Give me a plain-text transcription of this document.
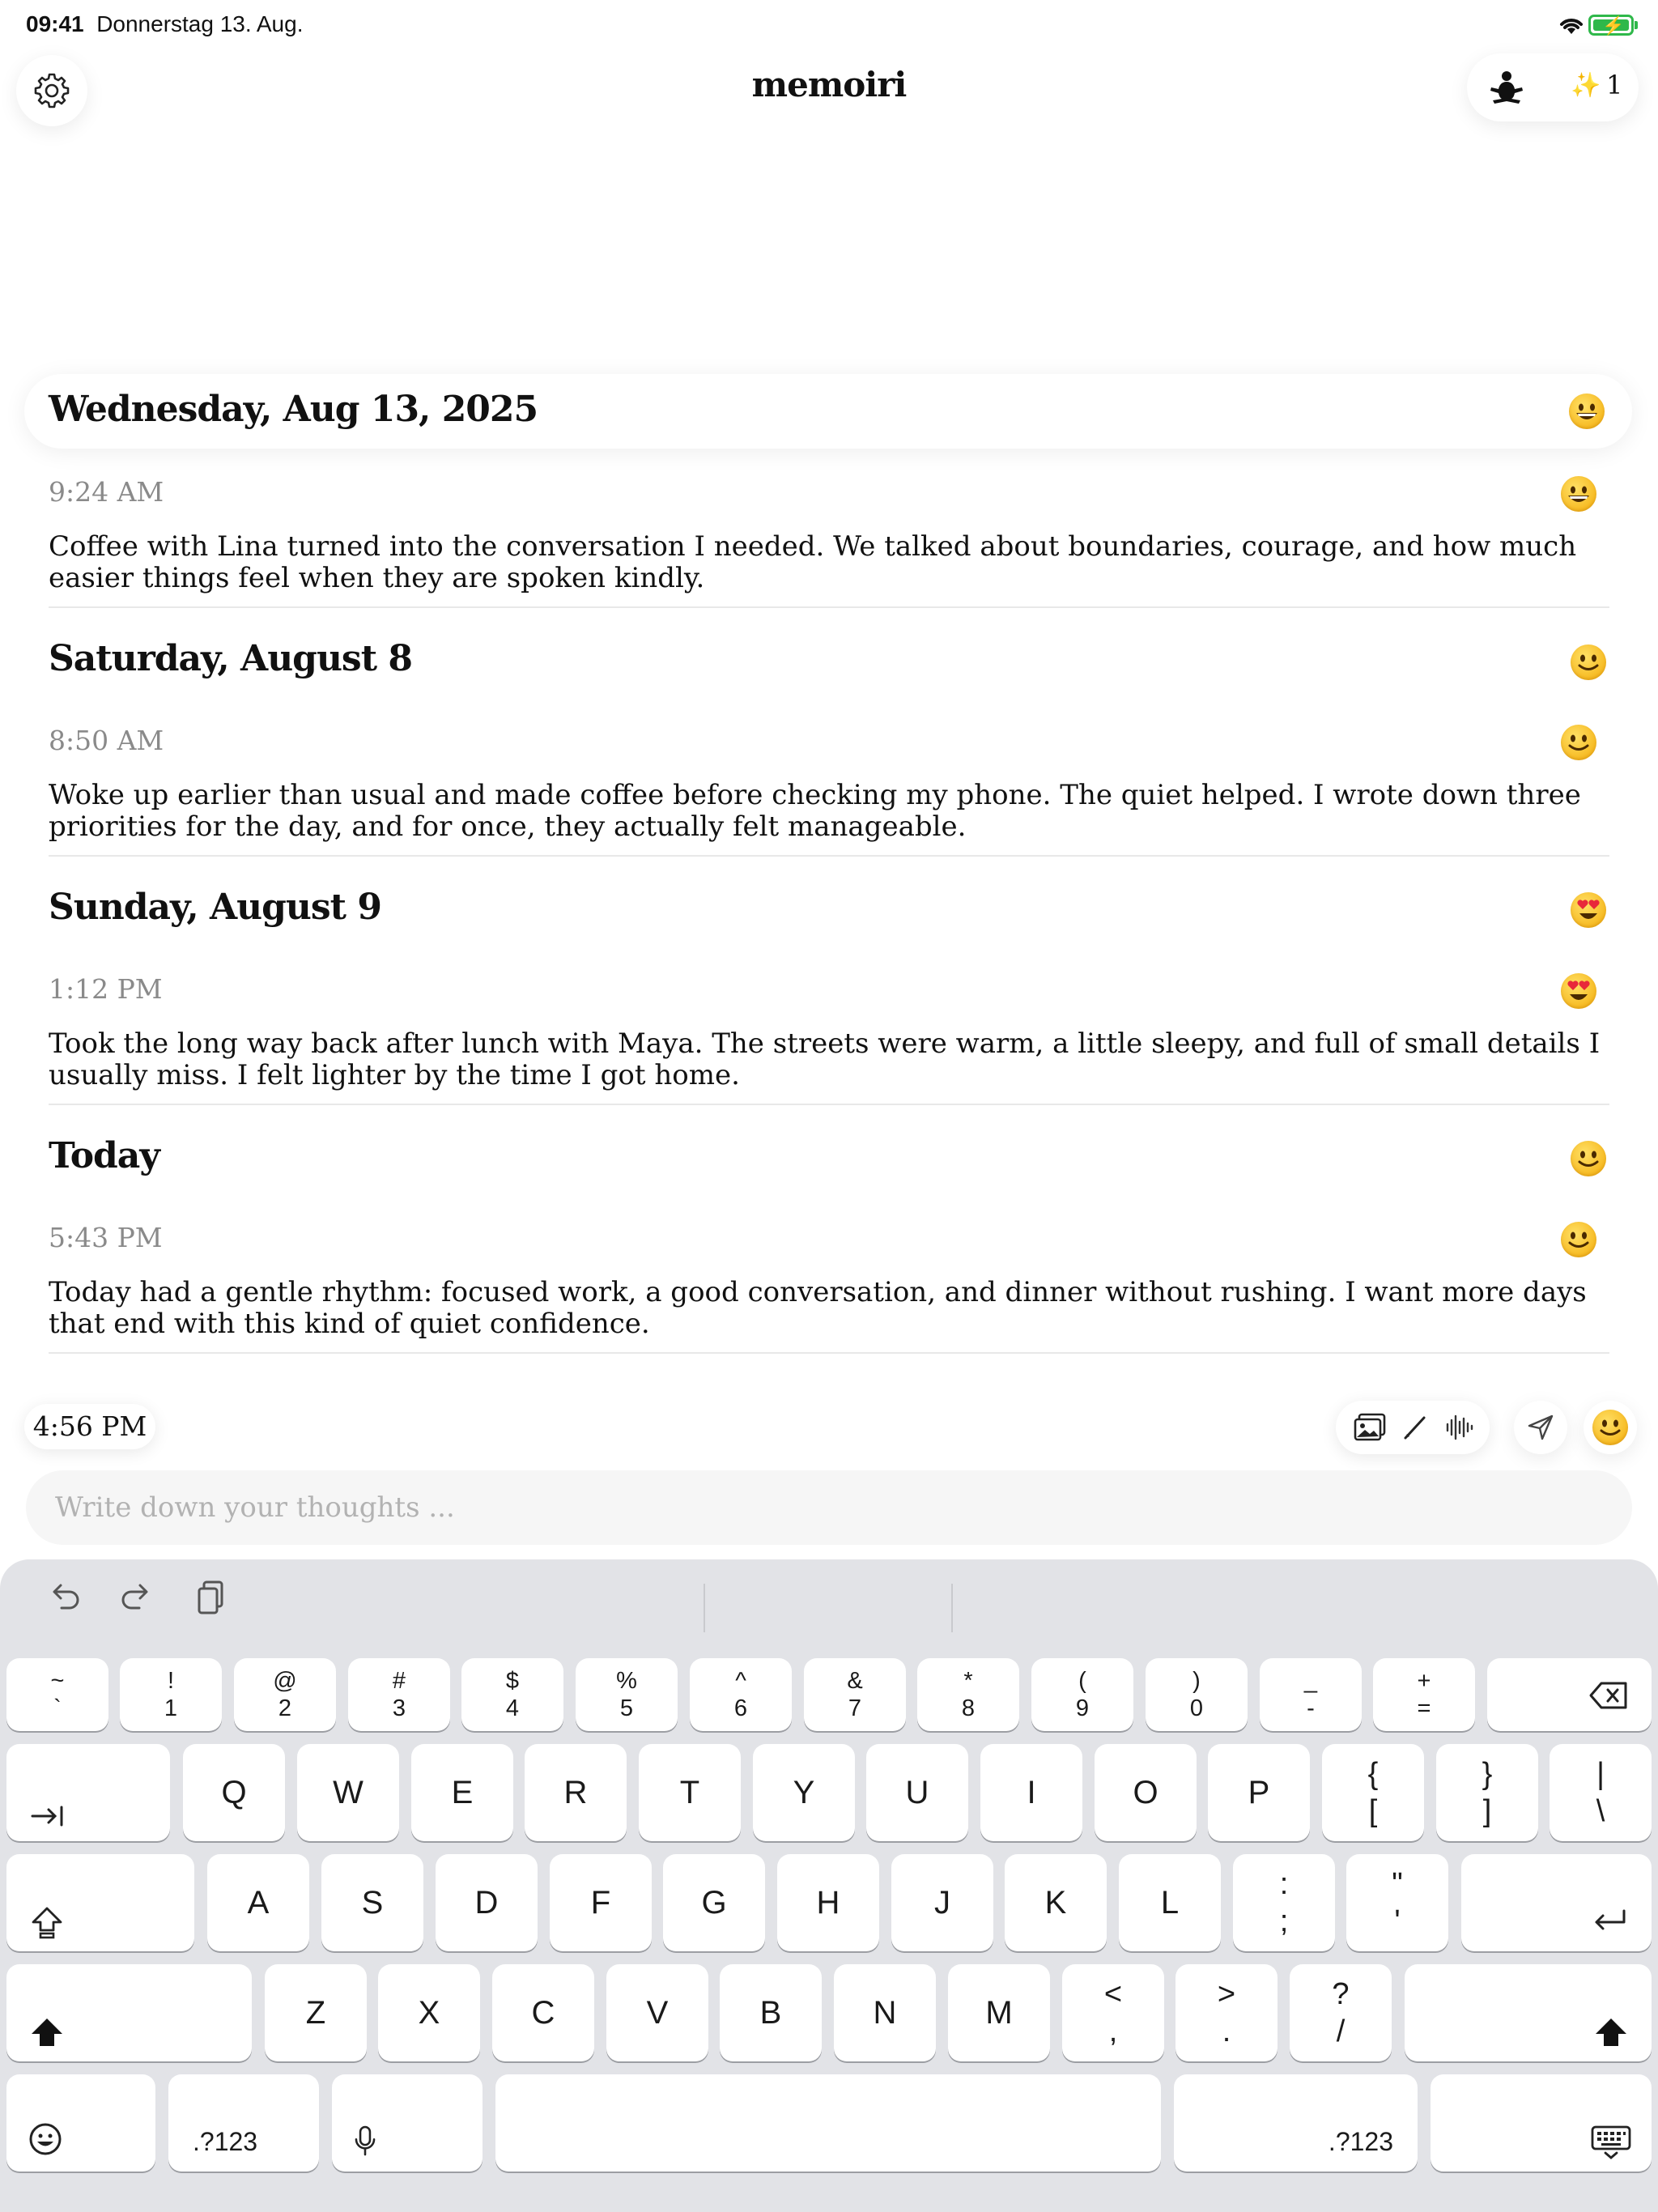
09:41 Donnerstag 13. Aug.	⚡
memoiri	✨ 1
Wednesday, Aug 13, 2025
9:24 AM
Coffee with Lina turned into the conversation I needed. We talked about boundaries, courage, and how much easier things feel when they are spoken kindly.
Saturday, August 8
8:50 AM
Woke up earlier than usual and made coffee before checking my phone. The quiet helped. I wrote down three priorities for the day, and for once, they actually felt manageable.
Sunday, August 9
1:12 PM
Took the long way back after lunch with Maya. The streets were warm, a little sleepy, and full of small details I usually miss. I felt lighter by the time I got home.
Today
5:43 PM
Today had a gentle rhythm: focused work, a good conversation, and dinner without rushing. I want more days that end with this kind of quiet confidence.
4:56 PM
Write down your thoughts ...
~
`
!
1
@
2
#
3
$
4
%
5
^
6
&
7
*
8
(
9
)
0
_
-
+
=
Q	W	E	R	T	Y	U	I	O	P
{
[
}
]
|
\
A	S	D	F	G	H	J	K	L
:
;
"
'
Z	X	C	V	B	N	M
<
,
>
.
?
/
.?123	.?123
